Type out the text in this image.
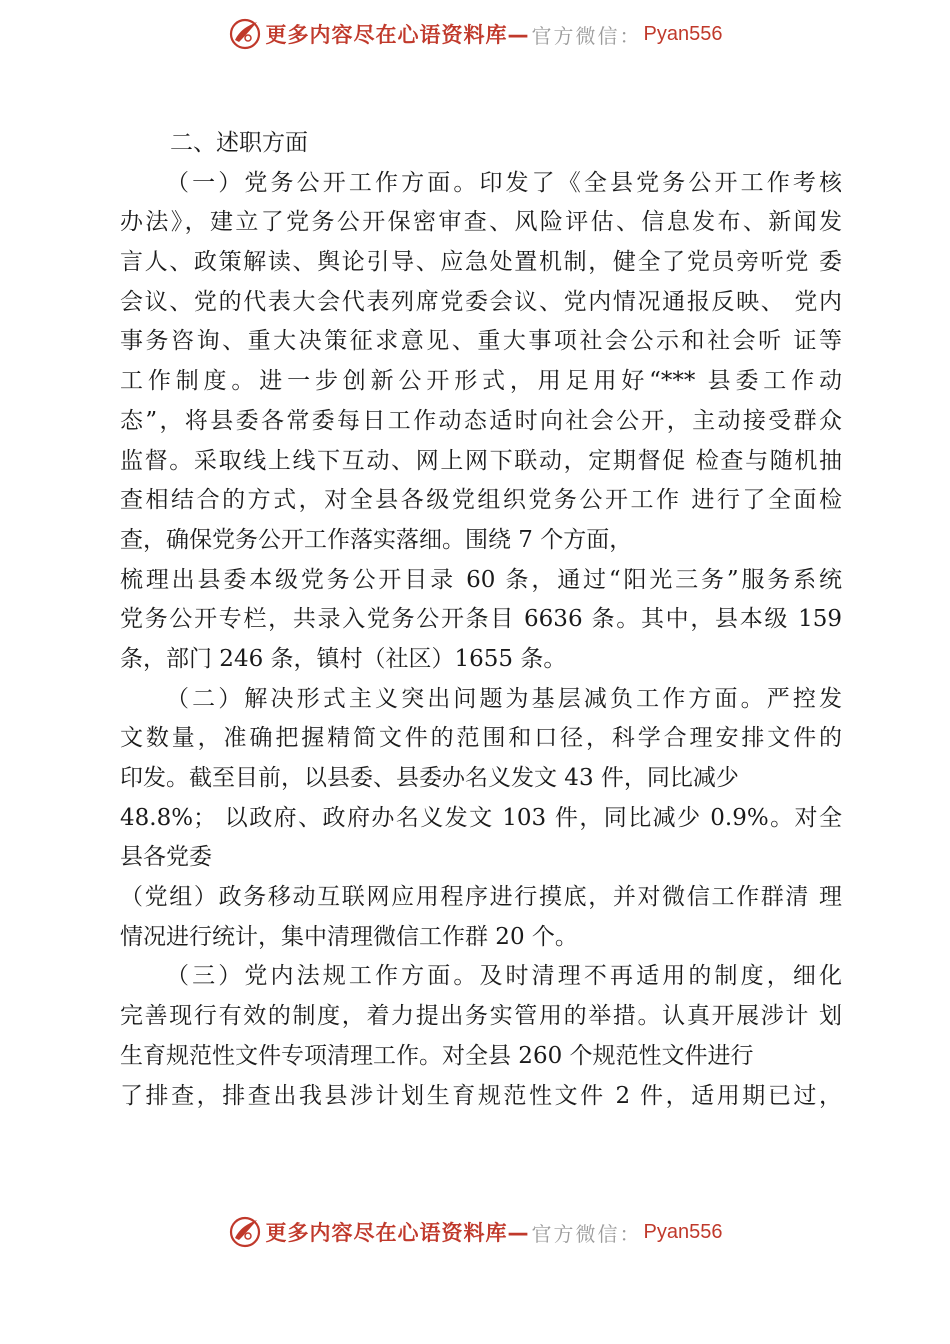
更多内容尽在心语资料库— 官方微信： Pyan556
二、述职方面
（一）党务公开工作方面。印发了《全县党务公开工作考核
办法》，建立了党务公开保密审查、风险评估、信息发布、新闻发
言人、政策解读、舆论引导、应急处置机制，健全了党员旁听党 委
会议、党的代表大会代表列席党委会议、党内情况通报反映、 党内
事务咨询、重大决策征求意见、重大事项社会公示和社会听 证等
工作制度。进一步创新公开形式，用足用好“*** 县委工作动
态”，将县委各常委每日工作动态适时向社会公开，主动接受群众
监督。采取线上线下互动、网上网下联动，定期督促 检查与随机抽
查相结合的方式，对全县各级党组织党务公开工作 进行了全面检
查，确保党务公开工作落实落细。围绕 7 个方面，
梳理出县委本级党务公开目录 60 条，通过“阳光三务”服务系统
党务公开专栏，共录入党务公开条目 6636 条。其中，县本级 159
条，部门 246 条，镇村（社区）1655 条。
（二）解决形式主义突出问题为基层减负工作方面。严控发
文数量，准确把握精简文件的范围和口径，科学合理安排文件的
印发。截至目前，以县委、县委办名义发文 43 件，同比减少
48.8%； 以政府、政府办名义发文 103 件，同比减少 0.9%。对全
县各党委
（党组）政务移动互联网应用程序进行摸底，并对微信工作群清 理
情况进行统计，集中清理微信工作群 20 个。
（三）党内法规工作方面。及时清理不再适用的制度，细化
完善现行有效的制度，着力提出务实管用的举措。认真开展涉计 划
生育规范性文件专项清理工作。对全县 260 个规范性文件进行
了排查，排查出我县涉计划生育规范性文件 2 件，适用期已过，
更多内容尽在心语资料库— 官方微信： Pyan556
